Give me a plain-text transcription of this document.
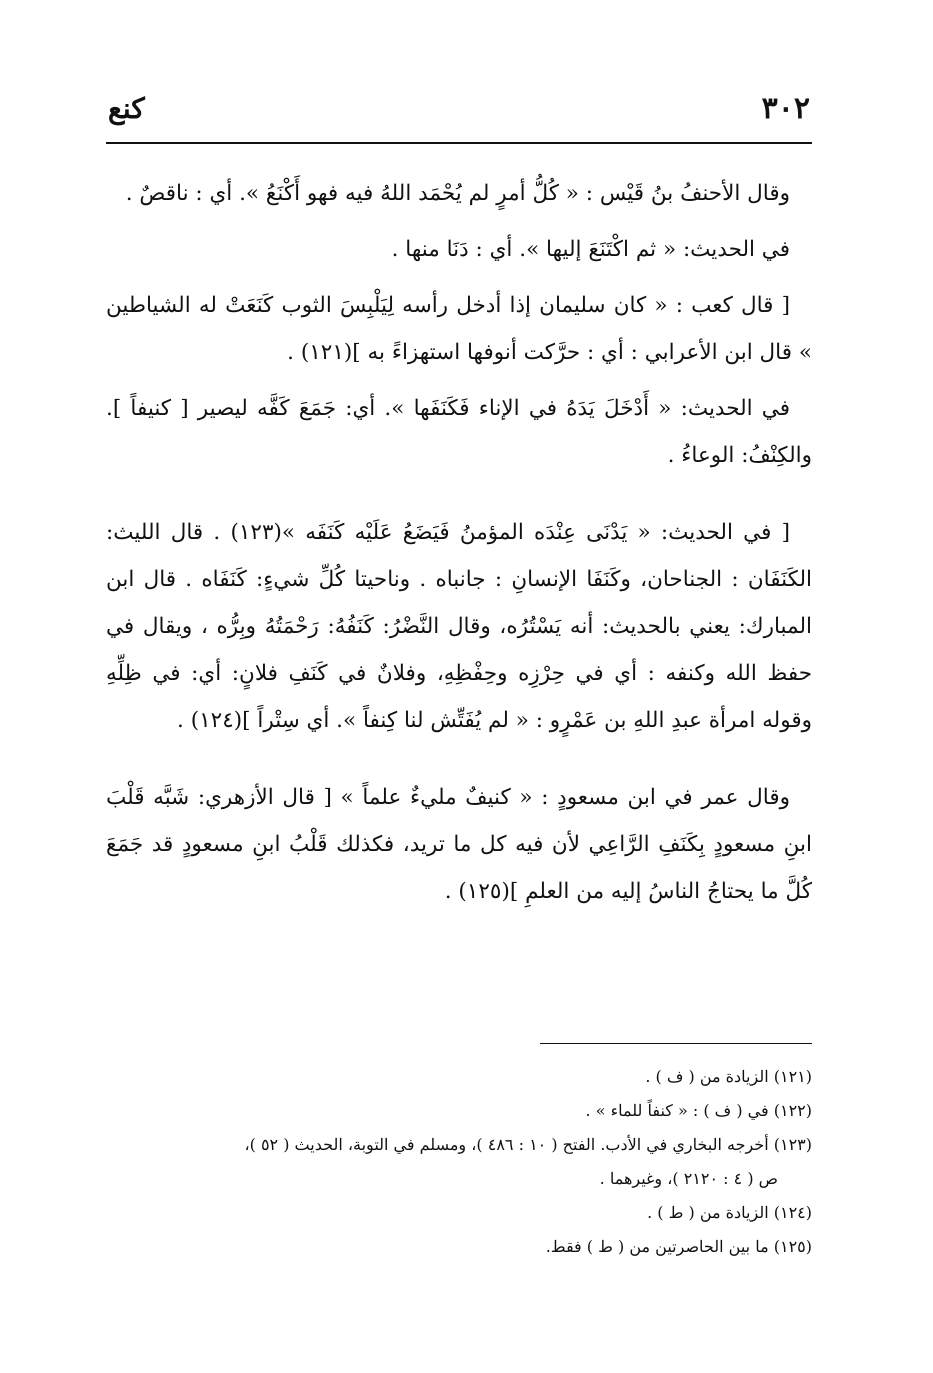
٣٠٢
كنع

وقال الأحنفُ بنُ قَيْس : « كُلُّ أمرٍ لم يُحْمَد اللهُ فيه فهو أَكْنَعُ ». أي : ناقصٌ .

في الحديث: « ثم اكْتَنَعَ إليها ». أي : دَنَا منها .

[ قال كعب : « كان سليمان إذا أدخل رأسه لِيَلْبِسَ الثوب كَنَعَتْ له الشياطين » قال ابن الأعرابي : أي : حرَّكت أنوفها استهزاءً به ](١٢١) .

في الحديث: « أَدْخَلَ يَدَهُ في الإناء فَكَنَفَها ». أي: جَمَعَ كَفَّه ليصير [ كنيفاً ]. والكِنْفُ: الوعاءُ .

[ في الحديث: « يَدْنَى عِنْدَه المؤمنُ فَيَضَعُ عَلَيْه كَنَفَه »(١٢٣) . قال الليث: الكَنَفَان : الجناحان، وكَنَفَا الإنسانِ : جانباه . وناحيتا كُلِّ شيءٍ: كَنَفَاه . قال ابن المبارك: يعني بالحديث: أنه يَسْتُرُه، وقال النَّضْرُ: كَنَفُهُ: رَحْمَتُهُ وبِرُّه ، ويقال في حفظ الله وكنفه : أي في حِرْزِه وحِفْظِهِ، وفلانٌ في كَنَفِ فلانٍ: أي: في ظِلِّهِ وقوله امرأة عبدِ اللهِ بن عَمْرٍو : « لم يُفَتِّش لنا كِنفاً ». أي سِتْراً ](١٢٤) .

وقال عمر في ابن مسعودٍ : « كنيفٌ مليءٌ علماً » [ قال الأزهري: شَبَّه قَلْبَ ابنِ مسعودٍ بِكَنَفِ الرَّاعِي لأن فيه كل ما تريد، فكذلك قَلْبُ ابنِ مسعودٍ قد جَمَعَ كُلَّ ما يحتاجُ الناسُ إليه من العلمِ ](١٢٥) .

(١٢١) الزيادة من ( ف ) .

(١٢٢) في ( ف ) : « كنفاً للماء » .

(١٢٣) أخرجه البخاري في الأدب. الفتح ( ١٠ : ٤٨٦ )، ومسلم في التوبة، الحديث ( ٥٢ )،

ص ( ٤ : ٢١٢٠ )، وغيرهما .

(١٢٤) الزيادة من ( ط ) .

(١٢٥) ما بين الحاصرتين من ( ط ) فقط.
